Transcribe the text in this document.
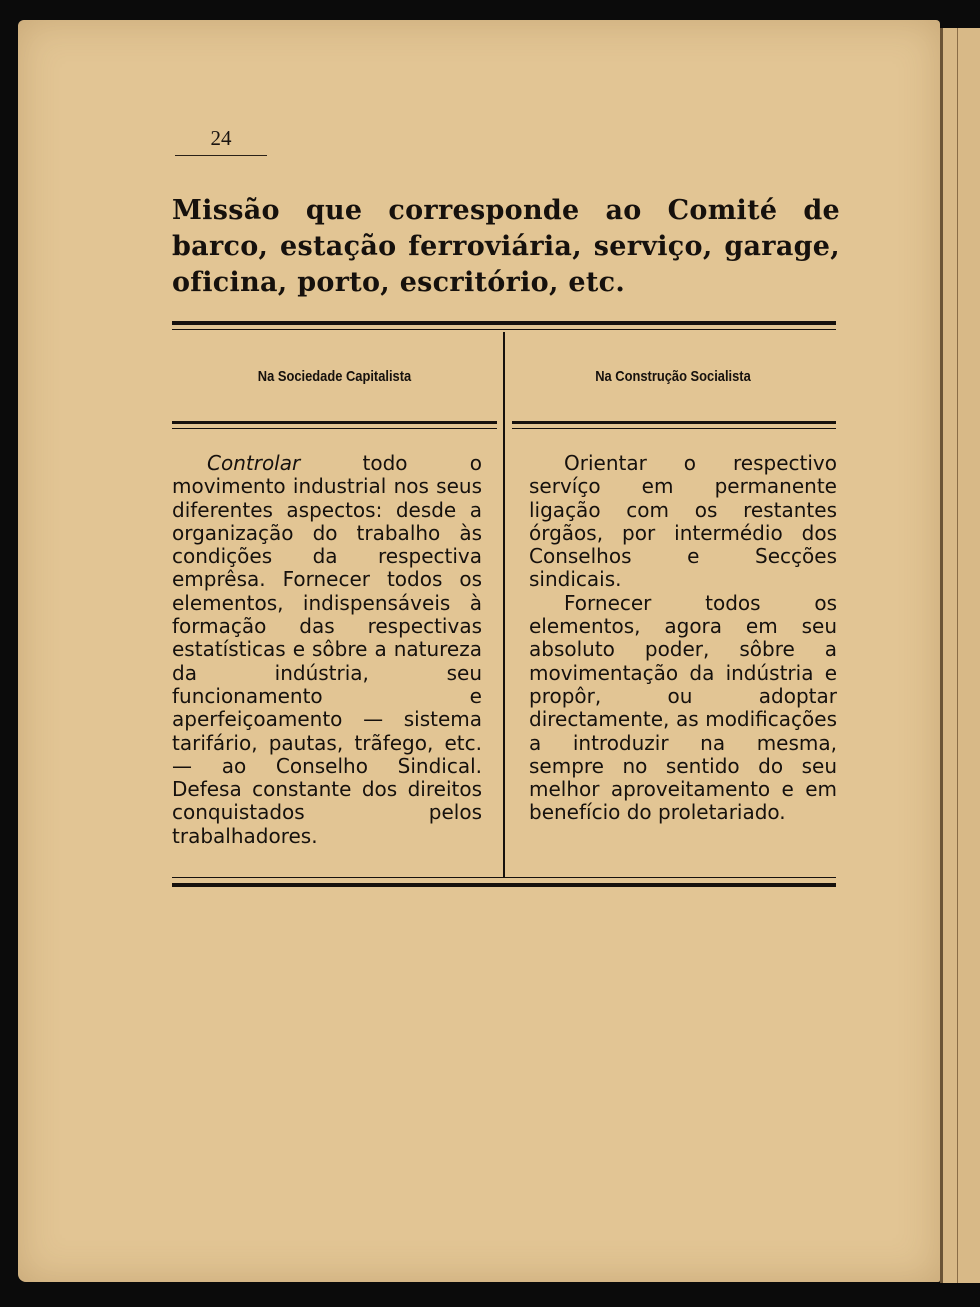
24
Missão que corresponde ao Comité de barco, estação ferroviária, serviço, garage, oficina, porto, escritório, etc.
Na Sociedade Capitalista	Na Construção Socialista

Controlar	todo o movimento industrial nos seus diferentes aspectos: desde a organização do trabalho às condições da respectiva emprêsa. Fornecer todos os elementos, indispensáveis à formação das respectivas estatísticas e sôbre a natureza da indústria, seu funcionamento e aperfeiçoamento — sistema tarifário, pautas, trãfego, etc. — ao Conselho Sindical. Defesa constante dos direitos conquistados pelos trabalhadores.

Orientar o respectivo servíço em permanente ligação com os restantes órgãos, por intermédio dos Conselhos e Secções sindicais.

Fornecer todos os elementos, agora em seu absoluto poder, sôbre a movimentação da indústria e propôr, ou adoptar directamente, as modificações a introduzir na mesma, sempre no sentido do seu melhor aproveitamento e em benefício do proletariado.
